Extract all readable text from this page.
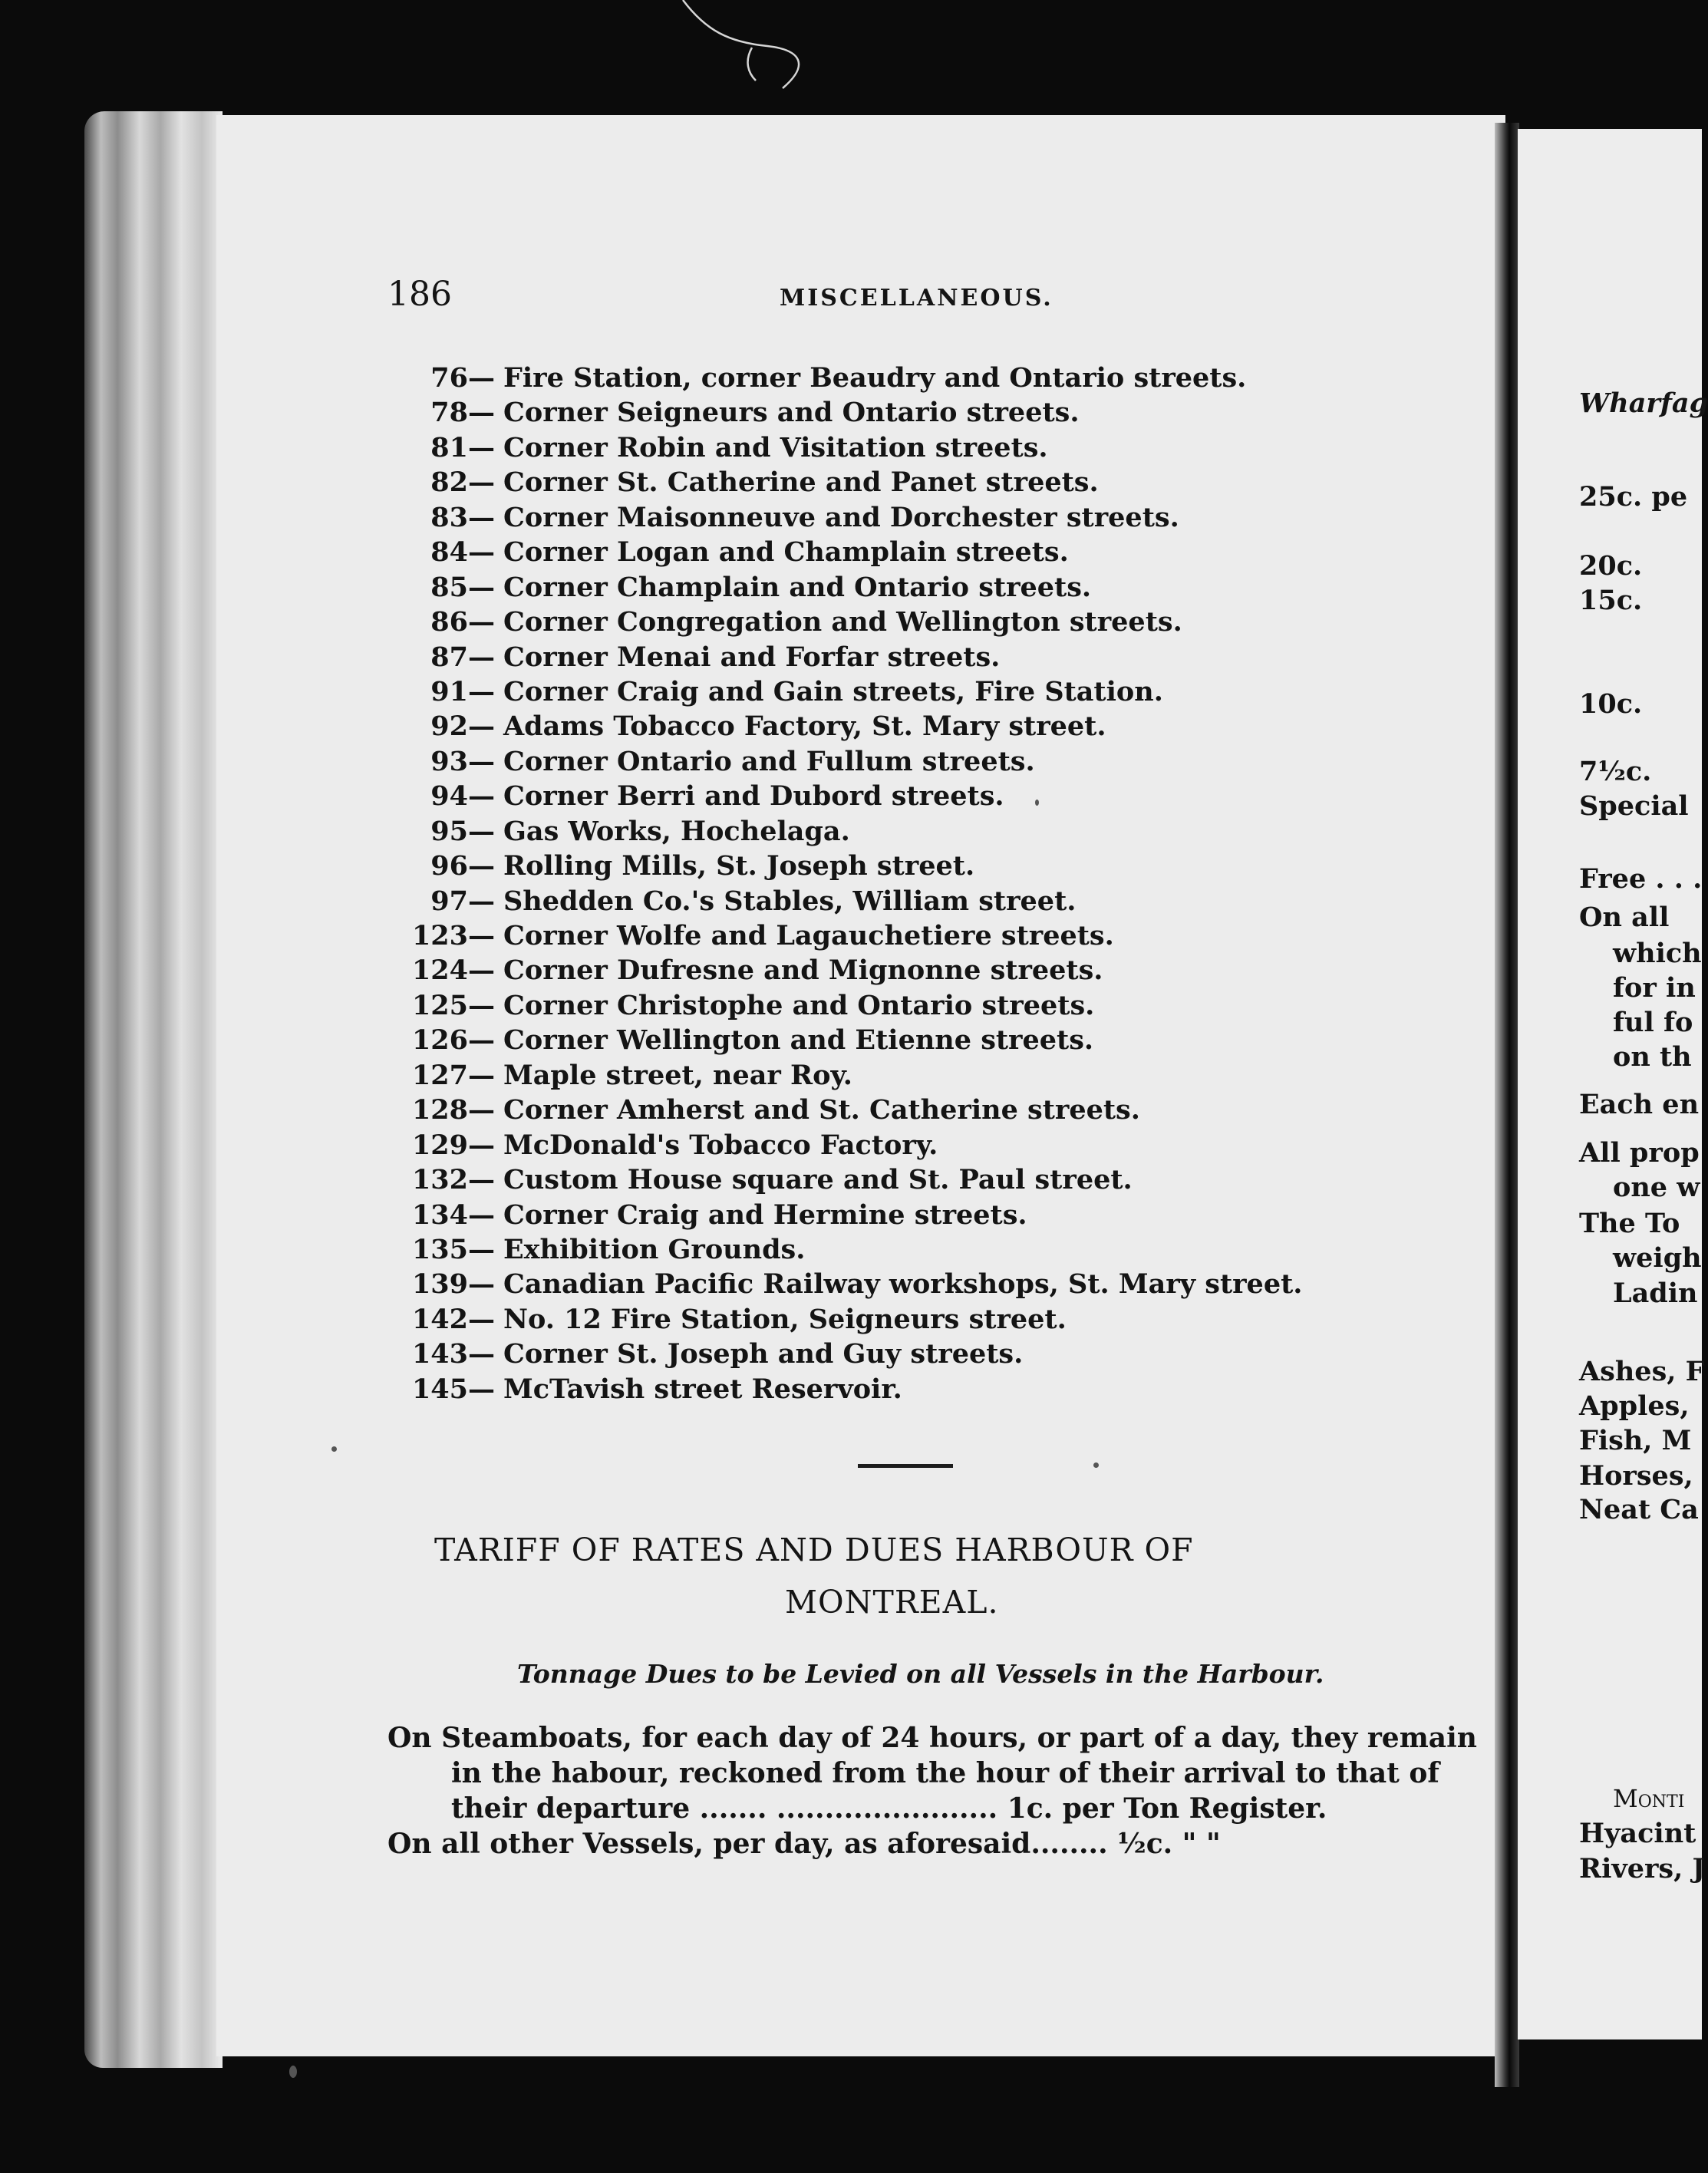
186	MISCELLANEOUS.
76 — Fire Station, corner Beaudry and Ontario streets.
78 — Corner Seigneurs and Ontario streets.
81 — Corner Robin and Visitation streets.
82 — Corner St. Catherine and Panet streets.
83 — Corner Maisonneuve and Dorchester streets.
84 — Corner Logan and Champlain streets.
85 — Corner Champlain and Ontario streets.
86 — Corner Congregation and Wellington streets.
87 — Corner Menai and Forfar streets.
91 — Corner Craig and Gain streets, Fire Station.
92 — Adams Tobacco Factory, St. Mary street.
93 — Corner Ontario and Fullum streets.
94 — Corner Berri and Dubord streets.
95 — Gas Works, Hochelaga.
96 — Rolling Mills, St. Joseph street.
97 — Shedden Co.'s Stables, William street.
123 — Corner Wolfe and Lagauchetiere streets.
124 — Corner Dufresne and Mignonne streets.
125 — Corner Christophe and Ontario streets.
126 — Corner Wellington and Etienne streets.
127 — Maple street, near Roy.
128 — Corner Amherst and St. Catherine streets.
129 — McDonald's Tobacco Factory.
132 — Custom House square and St. Paul street.
134 — Corner Craig and Hermine streets.
135 — Exhibition Grounds.
139 — Canadian Pacific Railway workshops, St. Mary street.
142 — No. 12 Fire Station, Seigneurs street.
143 — Corner St. Joseph and Guy streets.
145 — McTavish street Reservoir.
TARIFF OF RATES AND DUES HARBOUR OF
MONTREAL.
Tonnage Dues to be Levied on all Vessels in the Harbour.
On Steamboats, for each day of 24 hours, or part of a day, they remain
in the habour, reckoned from the hour of their arrival to that of
their departure ....... ....................... 1c. per Ton Register.
On all other Vessels, per day, as aforesaid........ ½c. " "
Wharfag
25c. pe
20c.
15c.
10c.
7½c.
Special
Free . . .
On all
which
for in
ful fo
on th
Each en
All prop
one w
The To
weigh
Ladin
Ashes, F
Apples,
Fish, M
Horses,
Neat Ca
Monti
Hyacint
Rivers, J
